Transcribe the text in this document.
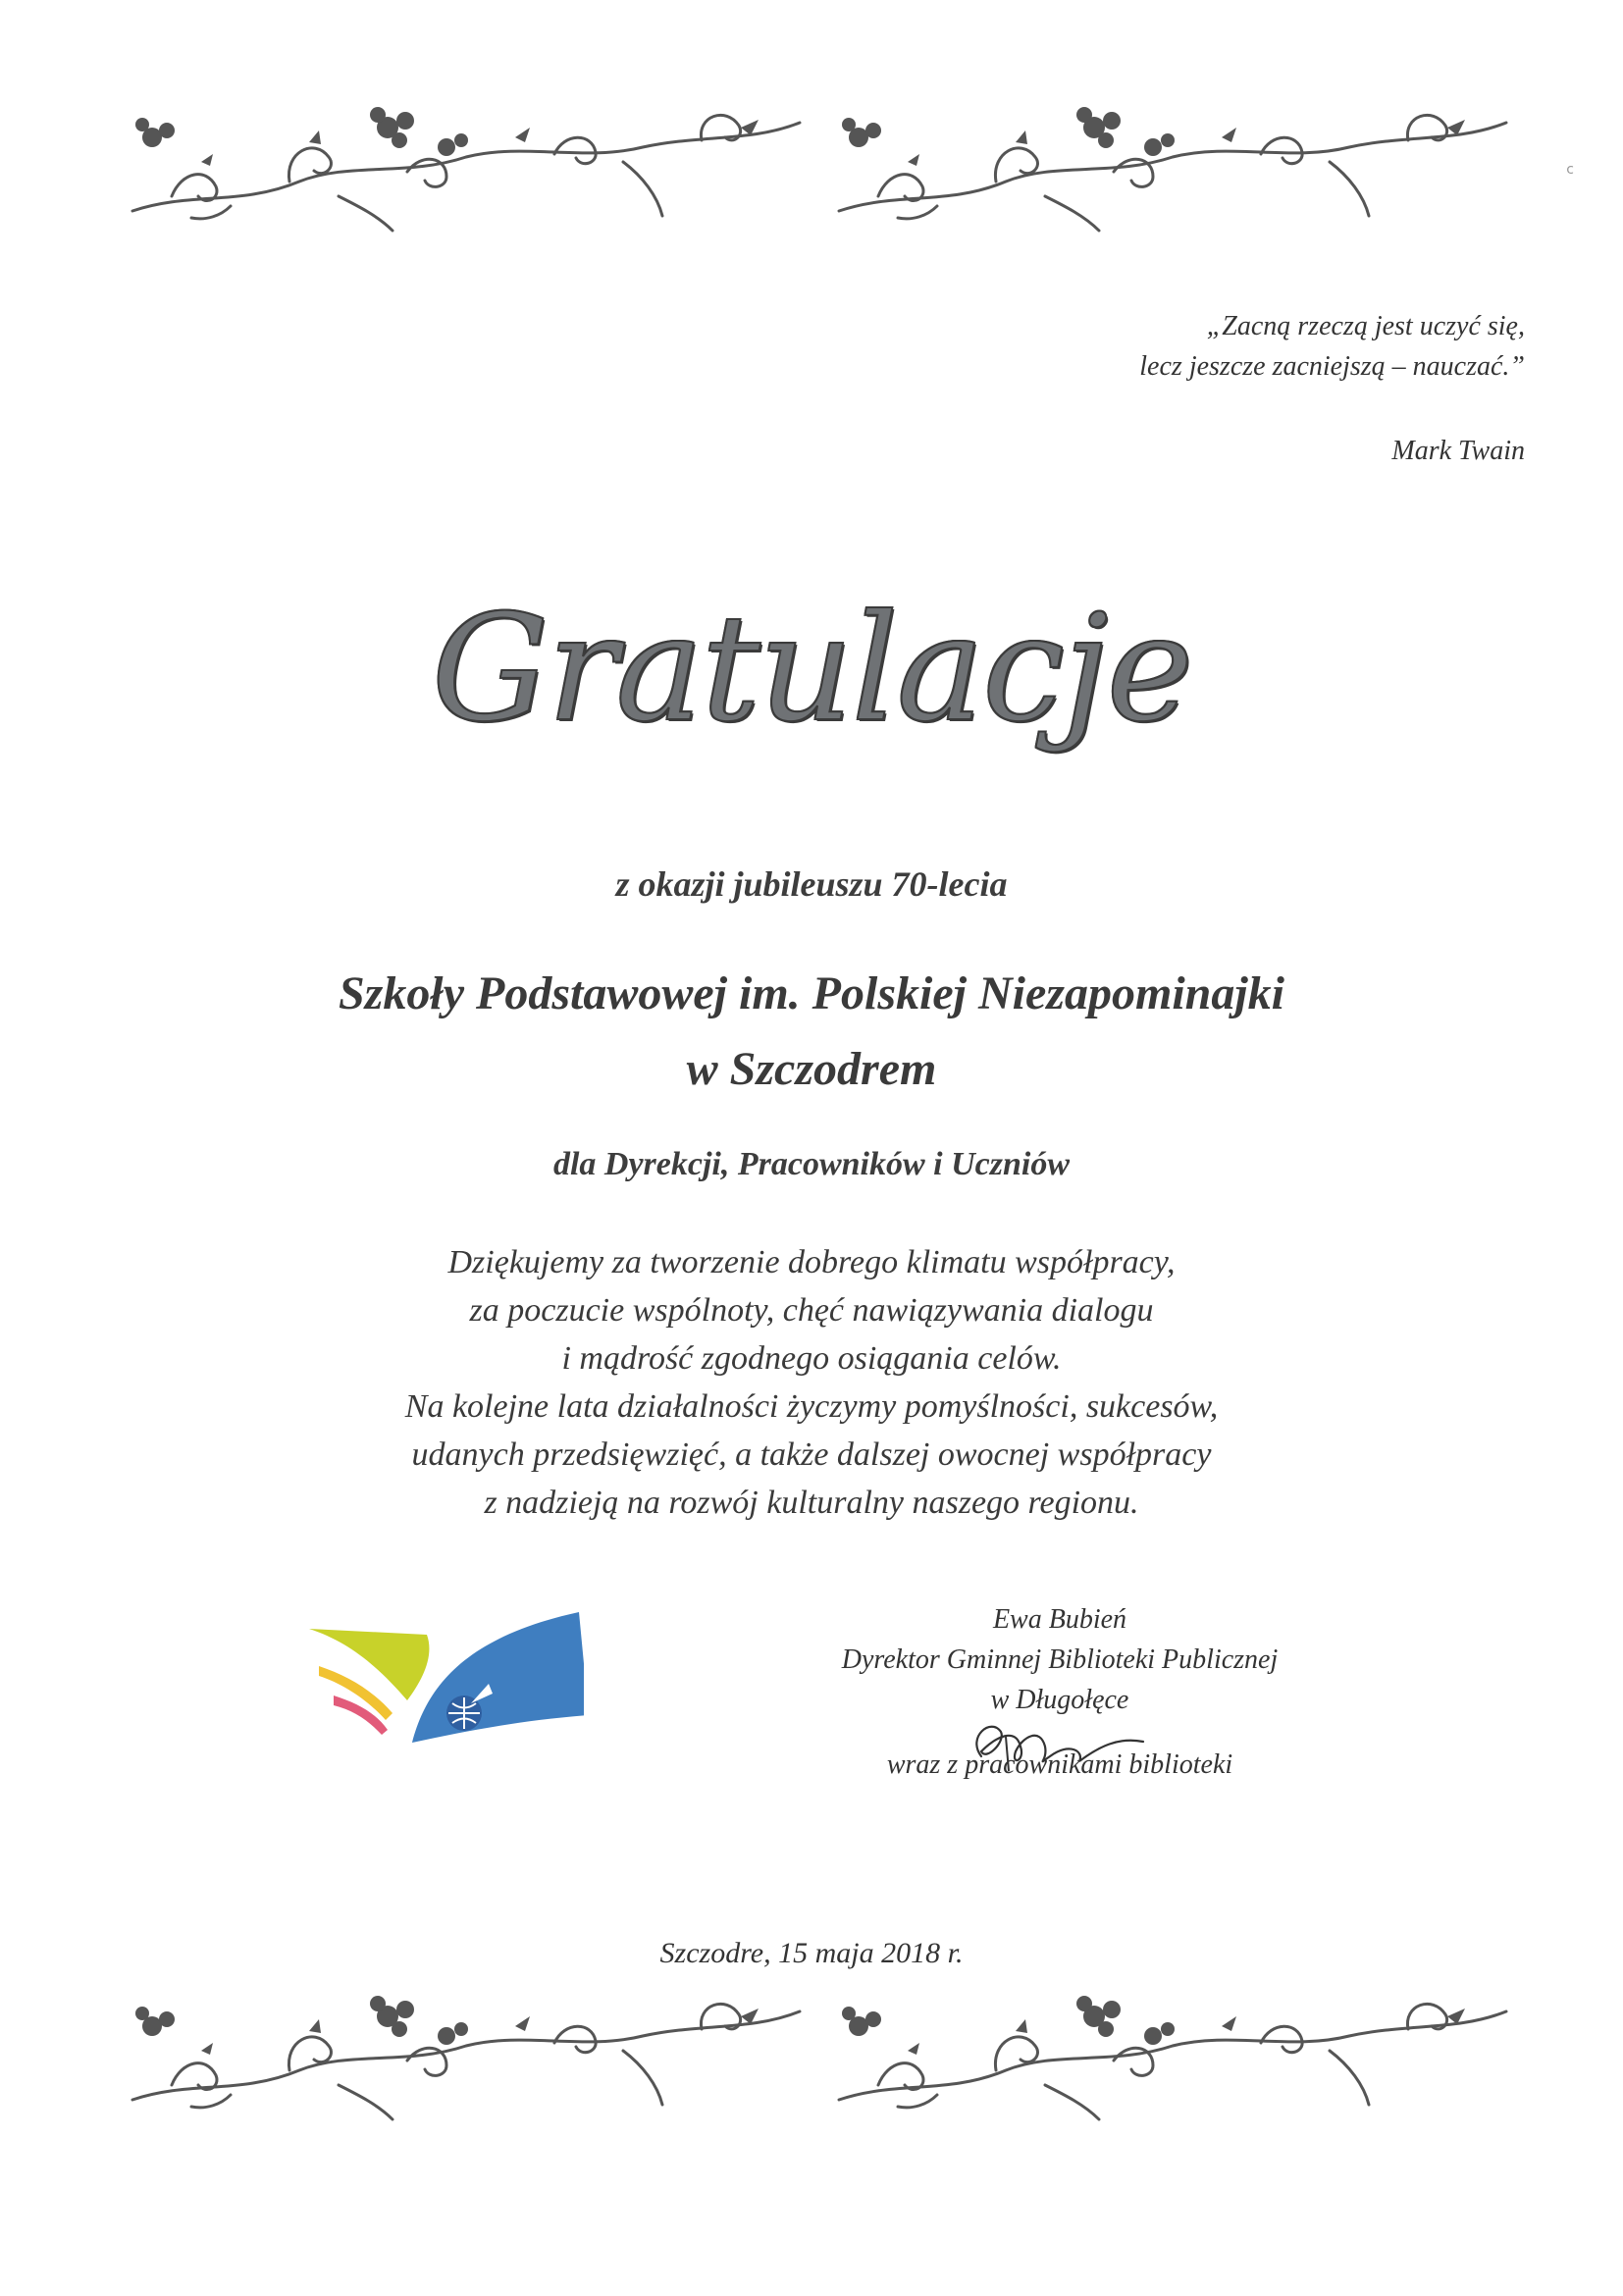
c
„Zacną rzeczą jest uczyć się,
lecz jeszcze zacniejszą – nauczać.”
Mark Twain
Gratulacje
z okazji jubileuszu 70-lecia
Szkoły Podstawowej im. Polskiej Niezapominajki
w Szczodrem
dla Dyrekcji, Pracowników i Uczniów
Dziękujemy za tworzenie dobrego klimatu współpracy,
za poczucie wspólnoty, chęć nawiązywania dialogu
i mądrość zgodnego osiągania celów.
Na kolejne lata działalności życzymy pomyślności, sukcesów,
udanych przedsięwzięć, a także dalszej owocnej współpracy
z nadzieją na rozwój kulturalny naszego regionu.
Ewa Bubień
Dyrektor Gminnej Biblioteki Publicznej
w Długołęce
wraz z pracownikami biblioteki
Szczodre, 15 maja 2018 r.
